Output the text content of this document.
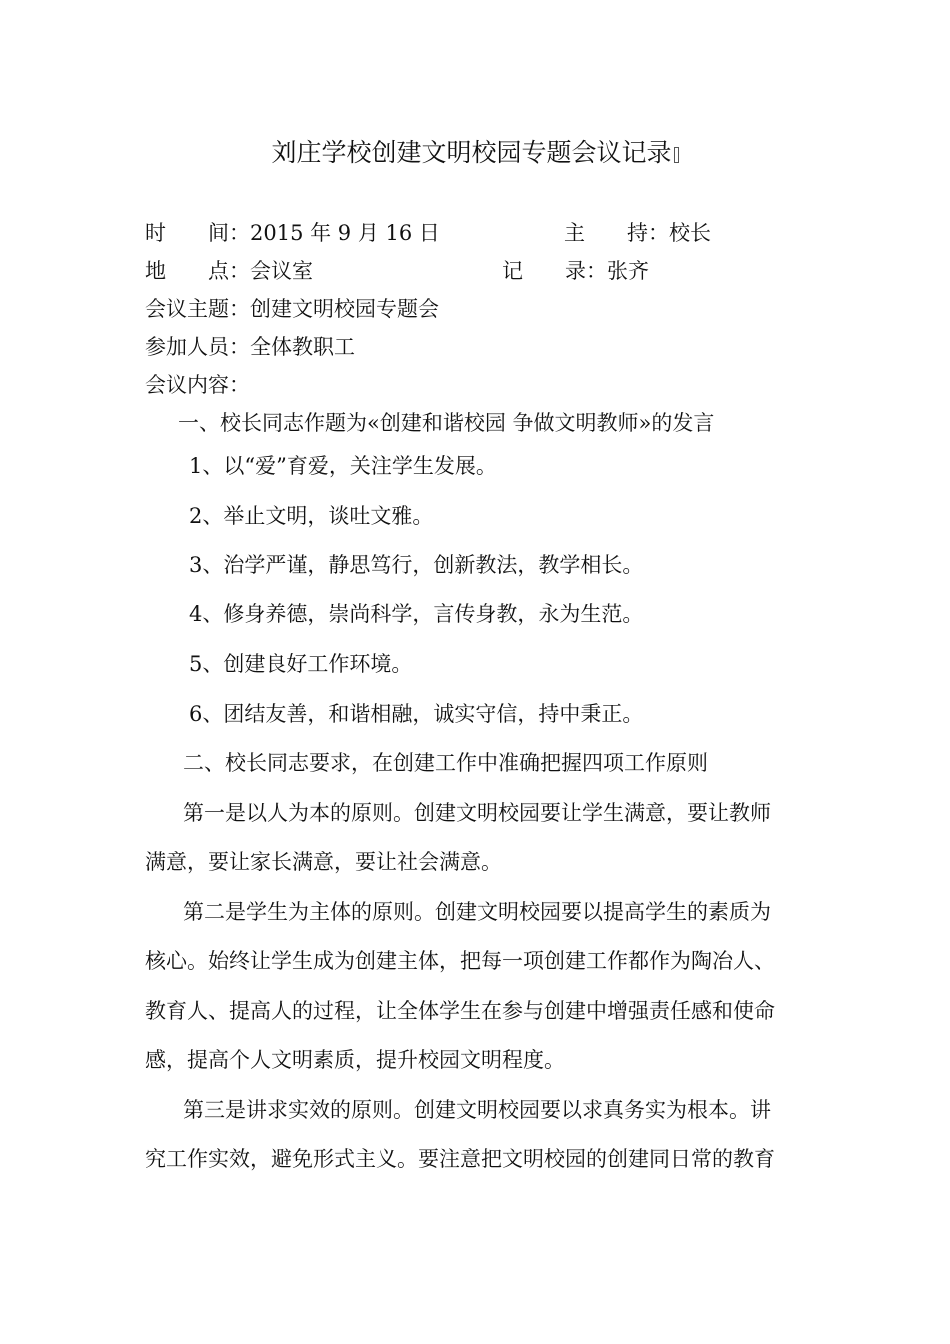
刘庄学校创建文明校园专题会议记录
时　　间：2015 年 9 月 16 日	主　　持：校长
地　　点：会议室	记　　录：张齐
会议主题：创建文明校园专题会
参加人员：全体教职工
会议内容：
一、校长同志作题为«创建和谐校园 争做文明教师»的发言
1、以“爱”育爱，关注学生发展。
2、举止文明，谈吐文雅。
3、治学严谨，静思笃行，创新教法，教学相长。
4、修身养德，崇尚科学，言传身教，永为生范。
5、创建良好工作环境。
6、团结友善，和谐相融，诚实守信，持中秉正。
二、校长同志要求，在创建工作中准确把握四项工作原则
第一是以人为本的原则。创建文明校园要让学生满意，要让教师
满意，要让家长满意，要让社会满意。
第二是学生为主体的原则。创建文明校园要以提高学生的素质为
核心。始终让学生成为创建主体，把每一项创建工作都作为陶冶人、
教育人、提高人的过程，让全体学生在参与创建中增强责任感和使命
感，提高个人文明素质，提升校园文明程度。
第三是讲求实效的原则。创建文明校园要以求真务实为根本。讲
究工作实效，避免形式主义。要注意把文明校园的创建同日常的教育
